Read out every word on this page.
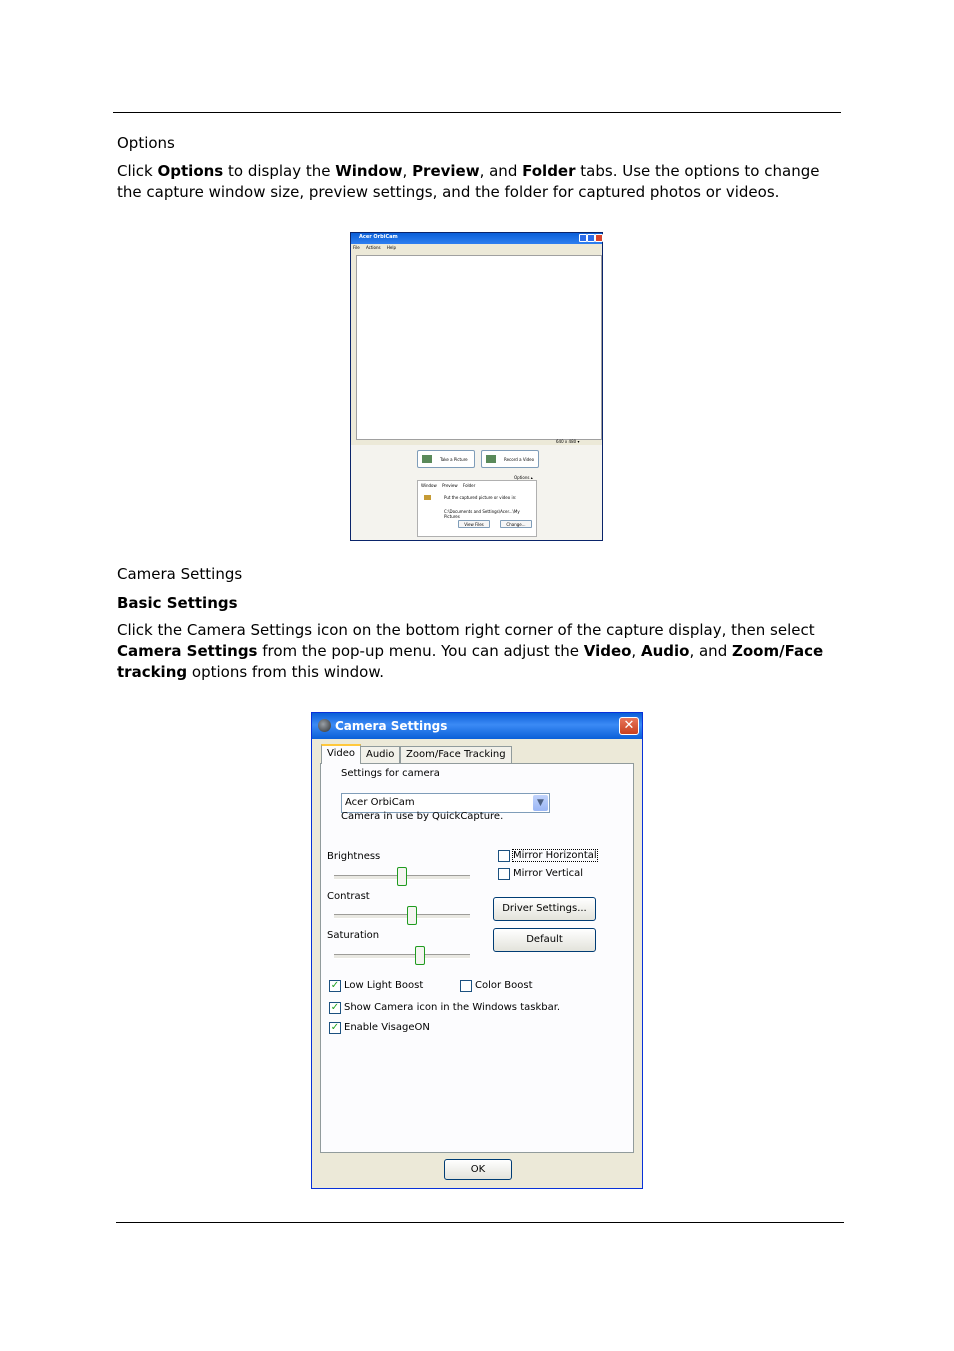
Options
Click Options to display the Window, Preview, and Folder tabs. Use the options to change the capture window size, preview settings, and the folder for captured photos or videos.
Acer OrbiCam
File Actions Help
640 x 480 ▾
Take a Picture	Record a Video
Options ▴
Window Preview Folder
Put the captured picture or video in:
C:\Documents and Settings\Acer...\My Pictures
View Files	Change...
Camera Settings
Basic Settings
Click the Camera Settings icon on the bottom right corner of the capture display, then select Camera Settings from the pop-up menu. You can adjust the Video, Audio, and Zoom/Face tracking options from this window.
Camera Settings	✕
Video	Audio	Zoom/Face Tracking
Settings for camera
Acer OrbiCam	▼
Camera in use by QuickCapture.
Brightness
Contrast
Saturation
Mirror Horizontal
Mirror Vertical
Driver Settings...
Default
✓ Low Light Boost	Color Boost
✓ Show Camera icon in the Windows taskbar.
✓ Enable VisageON
OK
